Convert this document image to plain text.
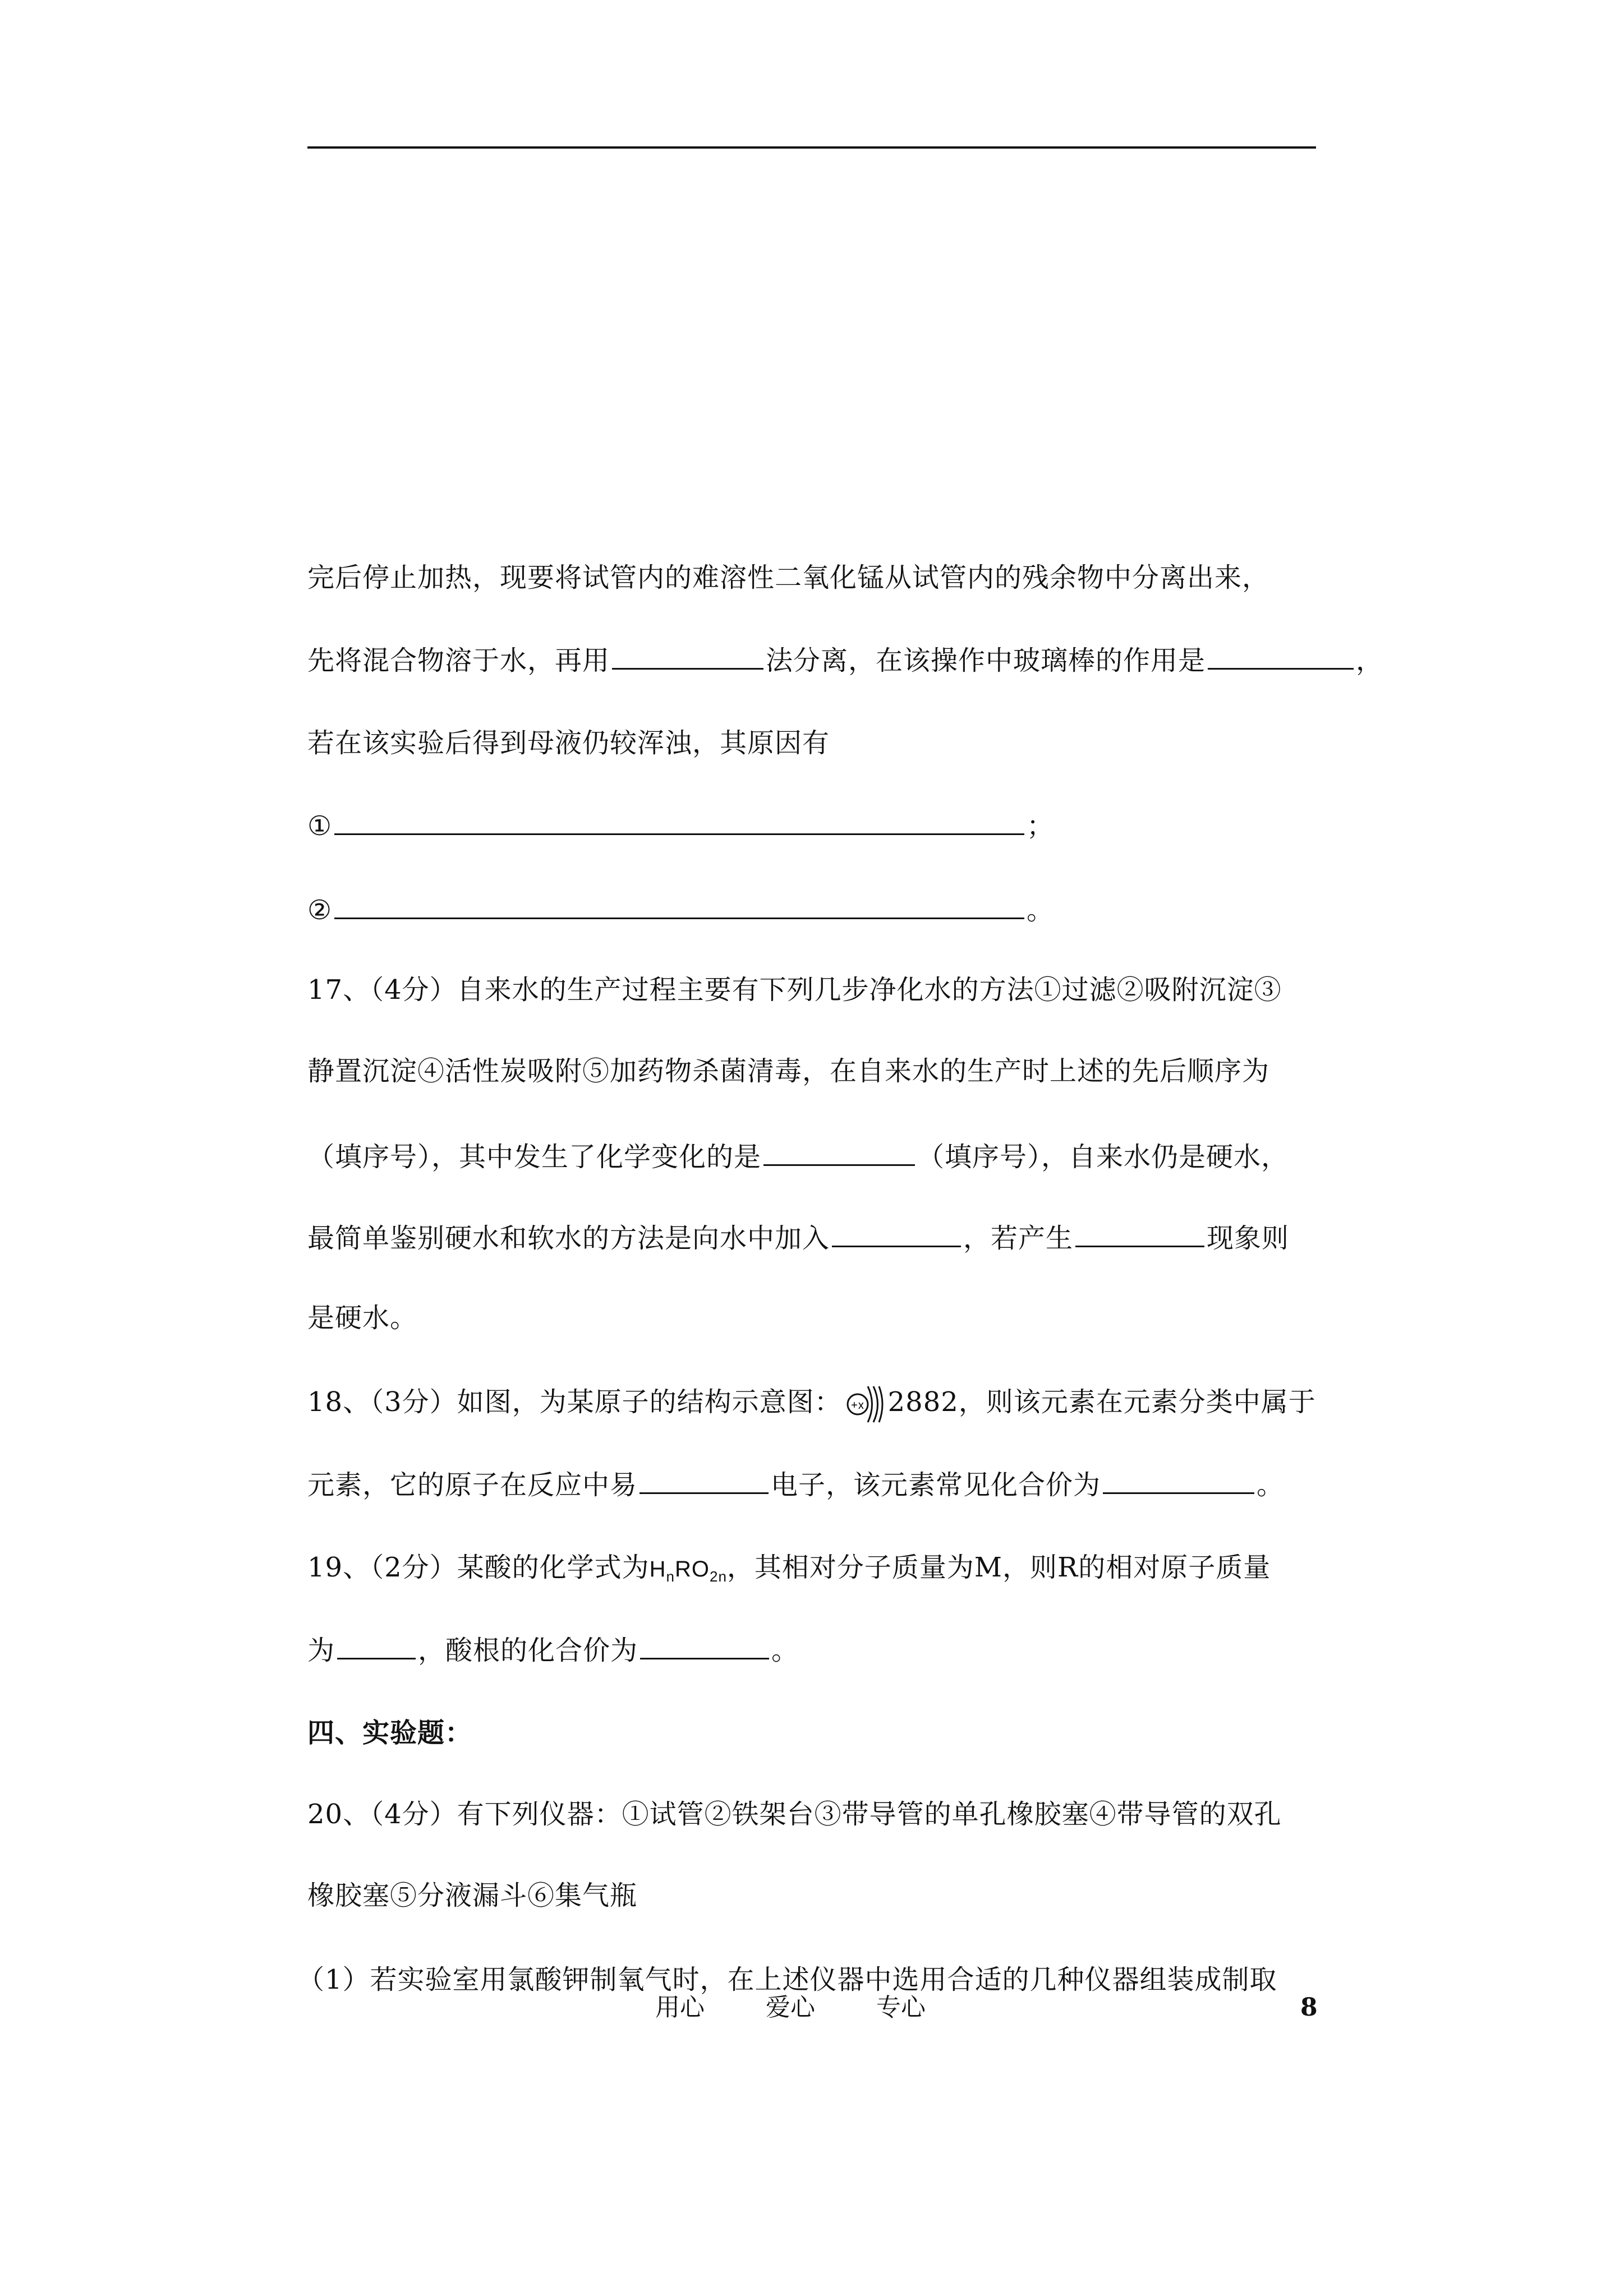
完后停止加热，现要将试管内的难溶性二氧化锰从试管内的残余物中分离出来，
先将混合物溶于水，再用	法分离，在该操作中玻璃棒的作用是	，
若在该实验后得到母液仍较浑浊，其原因有
①	；
②	。
17、（4分）自来水的生产过程主要有下列几步净化水的方法①过滤②吸附沉淀③
静置沉淀④活性炭吸附⑤加药物杀菌清毒，在自来水的生产时上述的先后顺序为
（填序号），其中发生了化学变化的是	（填序号），自来水仍是硬水，
最简单鉴别硬水和软水的方法是向水中加入	，若产生	现象则
是硬水。
18、（3分）如图，为某原子的结构示意图： +x 2882，则该元素在元素分类中属于
元素，它的原子在反应中易	电子，该元素常见化合价为	。
19、（2分）某酸的化学式为$H_nRO_{2n}$，其相对分子质量为M，则R的相对原子质量
为	，酸根的化合价为	。
四、实验题：
20、（4分）有下列仪器：①试管②铁架台③带导管的单孔橡胶塞④带导管的双孔
橡胶塞⑤分液漏斗⑥集气瓶
（1）若实验室用氯酸钾制氧气时，在上述仪器中选用合适的几种仪器组装成制取
用心 爱心 专心	8
